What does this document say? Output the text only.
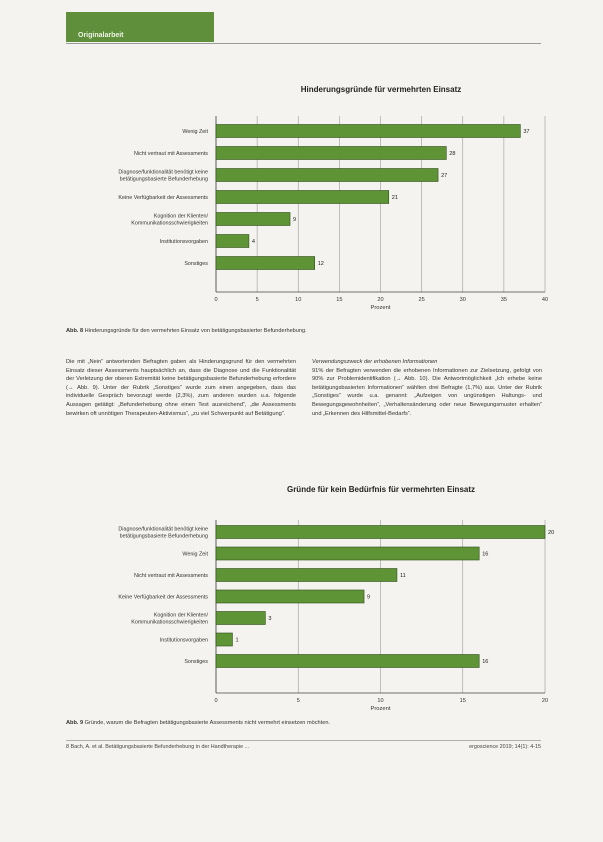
Originalarbeit
Hinderungsgründe für vermehrten Einsatz
0	5	10	15	20	25	30	35	40
Prozent
37
Wenig Zeit
28
Nicht vertraut mit Assessments
27
Diagnose/funktionalität benötigt keine
betätigungsbasierte Befunderhebung
21
Keine Verfügbarkeit der Assessments
9
Kognition der Klienten/
Kommunikationsschwierigkeiten
4
Institutionsvorgaben
12
Sonstiges
Abb. 8 Hinderungsgründe für den vermehrten Einsatz von betätigungsbasierter Befunderhebung.

Die mit „Nein“ antwortenden Befragten gaben als Hinderungsgrund für den vermehrten Einsatz dieser Assessments hauptsächlich an, dass die Diagnose und die Funktionalität der Verletzung der oberen Extremität keine betätigungsbasierte Befunderhebung erfordere (→ Abb. 9). Unter der Rubrik „Sonstiges“ wurde zum einen angegeben, dass das individuelle Gespräch bevorzugt werde (2,3%), zum anderen wurden u.a. folgende Aussagen getätigt: „Befunderhebung ohne einen Test ausreichend“, „die Assessments bewirken oft unnötigen Therapeuten-Aktivismus“, „zu viel Schwerpunkt auf Betätigung“.

Verwendungszweck der erhobenen Informationen

91% der Befragten verwenden die erhobenen Informationen zur Zielsetzung, gefolgt von 90% zur Problemidentifikation (→ Abb. 10). Die Antwortmöglichkeit „Ich erhebe keine betätigungsbasierten Informationen“ wählten drei Befragte (1,7%) aus. Unter der Rubrik „Sonstiges“ wurde u.a. genannt: „Aufzeigen von ungünstigen Haltungs- und Bewegungsgewohnheiten“, „Verhaltensänderung oder neue Bewegungsmuster erhalten“ und „Erkennen des Hilfsmittel-Bedarfs“.

Gründe für kein Bedürfnis für vermehrten Einsatz
0	5	10	15	20
Prozent
20
Diagnose/funktionalität benötigt keine
betätigungsbasierte Befunderhebung
16
Wenig Zeit
11
Nicht vertraut mit Assessments
9
Keine Verfügbarkeit der Assessments
3
Kognition der Klienten/
Kommunikationsschwierigkeiten
1
Institutionsvorgaben
16
Sonstiges
Abb. 9 Gründe, warum die Befragten betätigungsbasierte Assessments nicht vermehrt einsetzen möchten.
8 Bach, A. et al. Betätigungsbasierte Befunderhebung in der Handtherapie ...	ergoscience 2019; 14(1): 4-15
